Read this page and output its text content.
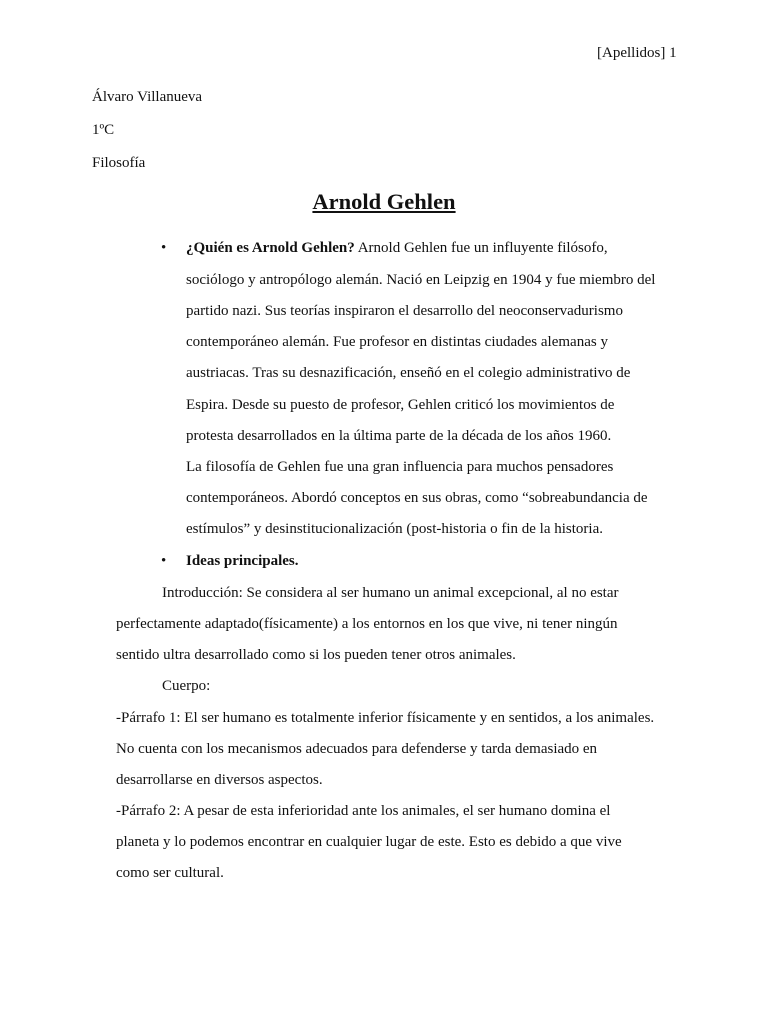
[Apellidos] 1
Álvaro Villanueva
1ºC
Filosofía
Arnold Gehlen
• ¿Quién es Arnold Gehlen? Arnold Gehlen fue un influyente filósofo,
sociólogo y antropólogo alemán. Nació en Leipzig en 1904 y fue miembro del
partido nazi. Sus teorías inspiraron el desarrollo del neoconservadurismo
contemporáneo alemán. Fue profesor en distintas ciudades alemanas y
austriacas. Tras su desnazificación, enseñó en el colegio administrativo de
Espira. Desde su puesto de profesor, Gehlen criticó los movimientos de
protesta desarrollados en la última parte de la década de los años 1960.
La filosofía de Gehlen fue una gran influencia para muchos pensadores
contemporáneos. Abordó conceptos en sus obras, como “sobreabundancia de
estímulos” y desinstitucionalización (post-historia o fin de la historia.
• Ideas principales.
Introducción: Se considera al ser humano un animal excepcional, al no estar
perfectamente adaptado(físicamente) a los entornos en los que vive, ni tener ningún
sentido ultra desarrollado como si los pueden tener otros animales.
Cuerpo:
-Párrafo 1: El ser humano es totalmente inferior físicamente y en sentidos, a los animales.
No cuenta con los mecanismos adecuados para defenderse y tarda demasiado en
desarrollarse en diversos aspectos.
-Párrafo 2: A pesar de esta inferioridad ante los animales, el ser humano domina el
planeta y lo podemos encontrar en cualquier lugar de este. Esto es debido a que vive
como ser cultural.
